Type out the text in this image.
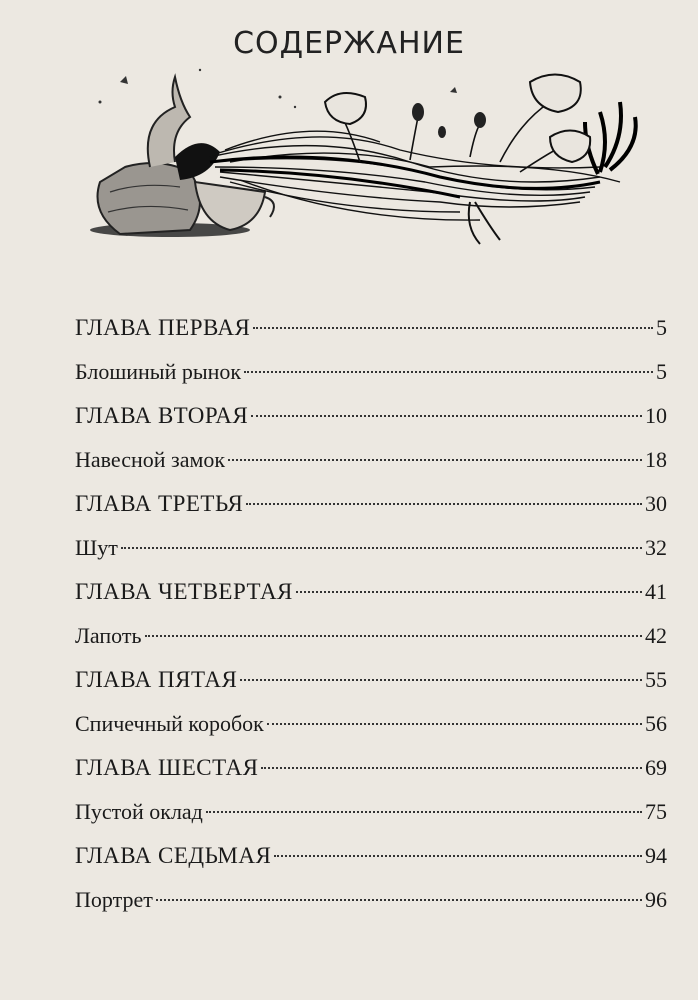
СОДЕРЖАНИЕ
ГЛАВА ПЕРВАЯ	5
Блошиный рынок	5
ГЛАВА ВТОРАЯ	10
Навесной замок	18
ГЛАВА ТРЕТЬЯ	30
Шут	32
ГЛАВА ЧЕТВЕРТАЯ	41
Лапоть	42
ГЛАВА ПЯТАЯ	55
Спичечный коробок	56
ГЛАВА ШЕСТАЯ	69
Пустой оклад	75
ГЛАВА СЕДЬМАЯ	94
Портрет	96
